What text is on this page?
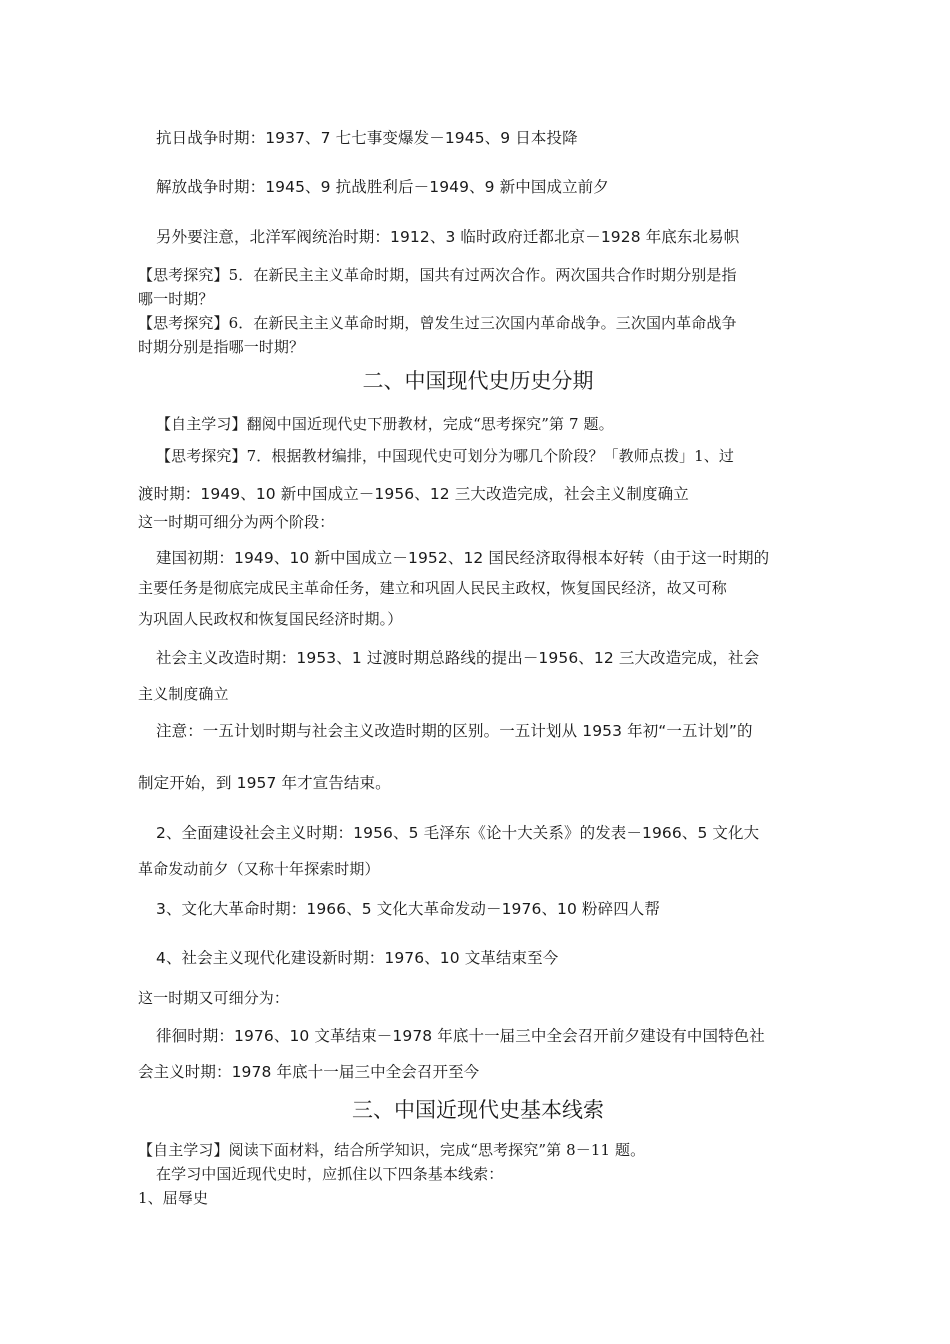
抗日战争时期：1937、7 七七事变爆发－1945、9 日本投降
解放战争时期：1945、9 抗战胜利后－1949、9 新中国成立前夕
另外要注意，北洋军阀统治时期：1912、3 临时政府迁都北京－1928 年底东北易帜
【思考探究】5．在新民主主义革命时期，国共有过两次合作。两次国共合作时期分别是指
哪一时期？
【思考探究】6．在新民主主义革命时期，曾发生过三次国内革命战争。三次国内革命战争
时期分别是指哪一时期？
二、中国现代史历史分期
【自主学习】翻阅中国近现代史下册教材，完成“思考探究”第 7 题。
【思考探究】7．根据教材编排，中国现代史可划分为哪几个阶段？「教师点拨」1、过
渡时期：1949、10 新中国成立－1956、12 三大改造完成，社会主义制度确立
这一时期可细分为两个阶段：
建国初期：1949、10 新中国成立－1952、12 国民经济取得根本好转（由于这一时期的
主要任务是彻底完成民主革命任务，建立和巩固人民民主政权，恢复国民经济，故又可称
为巩固人民政权和恢复国民经济时期。）
社会主义改造时期：1953、1 过渡时期总路线的提出－1956、12 三大改造完成，社会
主义制度确立
注意：一五计划时期与社会主义改造时期的区别。一五计划从 1953 年初“一五计划”的
制定开始，到 1957 年才宣告结束。
2、全面建设社会主义时期：1956、5 毛泽东《论十大关系》的发表－1966、5 文化大
革命发动前夕（又称十年探索时期）
3、文化大革命时期：1966、5 文化大革命发动－1976、10 粉碎四人帮
4、社会主义现代化建设新时期：1976、10 文革结束至今
这一时期又可细分为：
徘徊时期：1976、10 文革结束－1978 年底十一届三中全会召开前夕建设有中国特色社
会主义时期：1978 年底十一届三中全会召开至今
三、中国近现代史基本线索
【自主学习】阅读下面材料，结合所学知识，完成“思考探究”第 8－11 题。
在学习中国近现代史时，应抓住以下四条基本线索：
1、屈辱史
